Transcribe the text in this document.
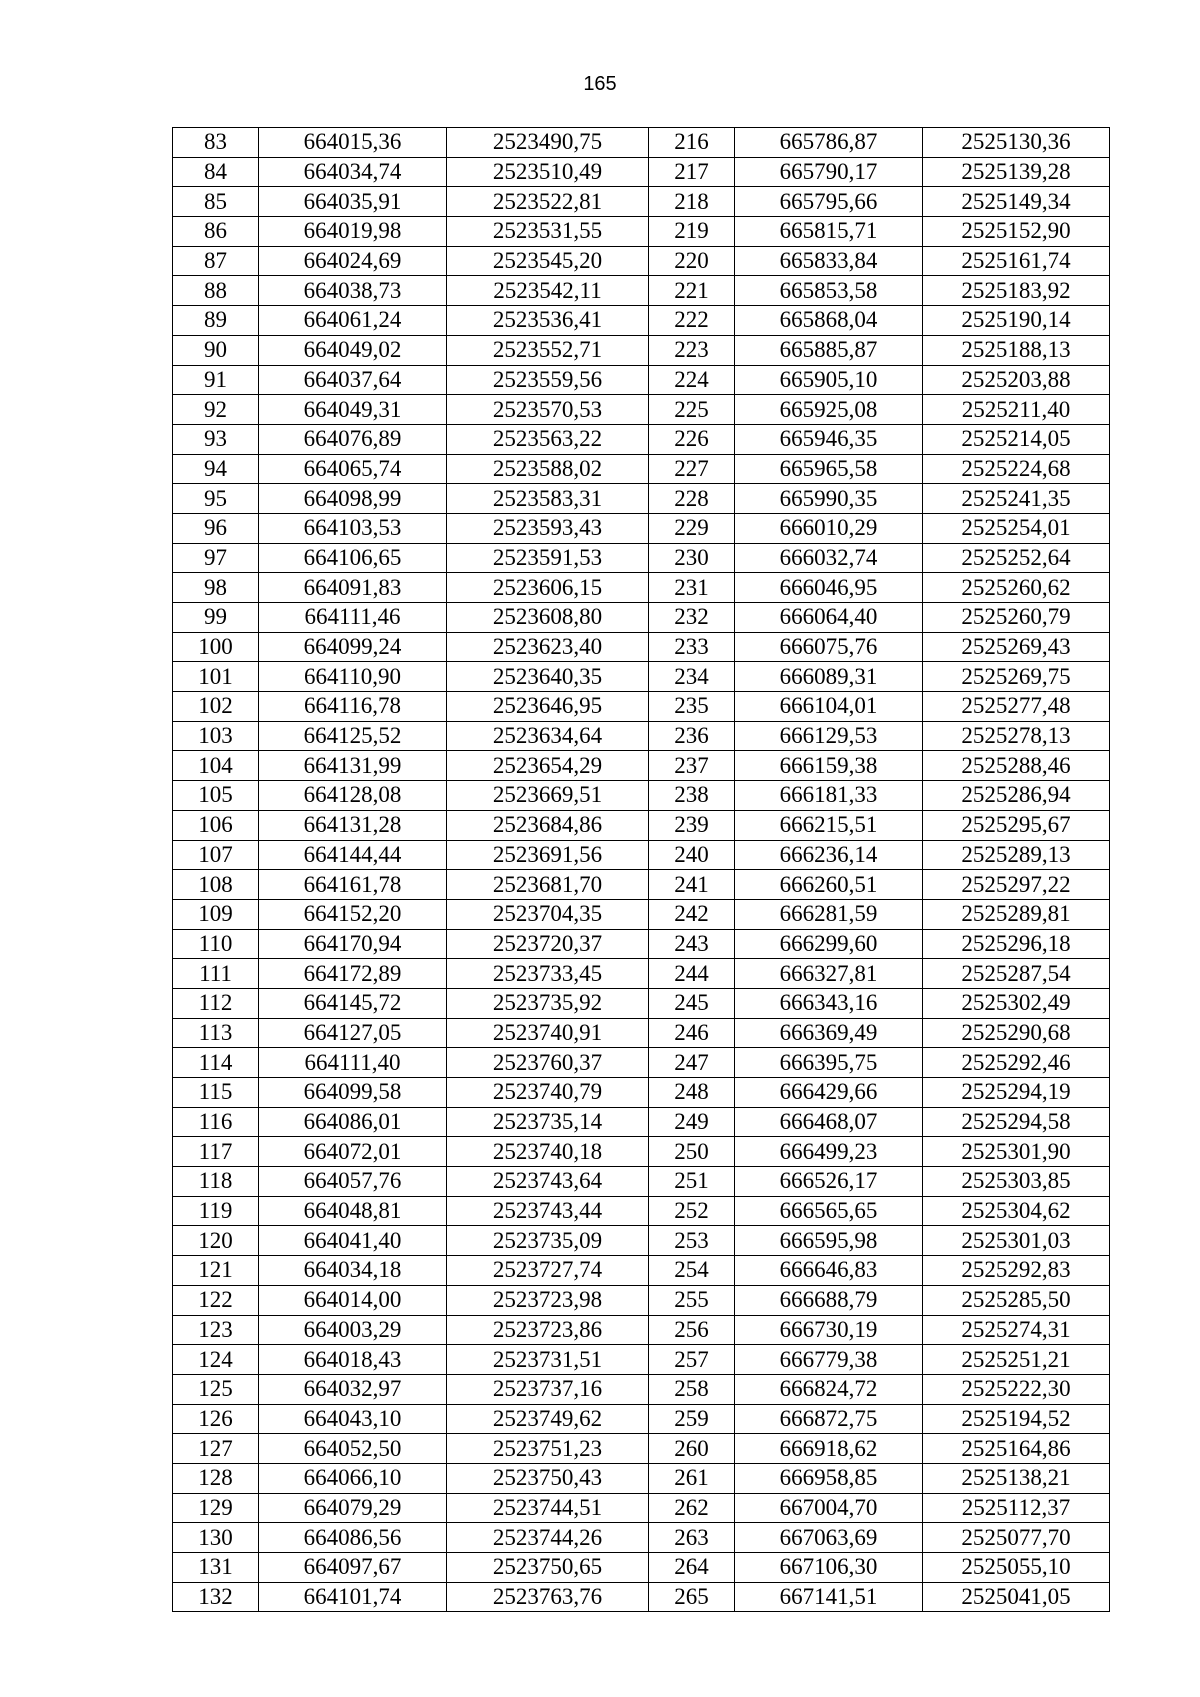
165
83	664015,36	2523490,75	216	665786,87	2525130,36
84	664034,74	2523510,49	217	665790,17	2525139,28
85	664035,91	2523522,81	218	665795,66	2525149,34
86	664019,98	2523531,55	219	665815,71	2525152,90
87	664024,69	2523545,20	220	665833,84	2525161,74
88	664038,73	2523542,11	221	665853,58	2525183,92
89	664061,24	2523536,41	222	665868,04	2525190,14
90	664049,02	2523552,71	223	665885,87	2525188,13
91	664037,64	2523559,56	224	665905,10	2525203,88
92	664049,31	2523570,53	225	665925,08	2525211,40
93	664076,89	2523563,22	226	665946,35	2525214,05
94	664065,74	2523588,02	227	665965,58	2525224,68
95	664098,99	2523583,31	228	665990,35	2525241,35
96	664103,53	2523593,43	229	666010,29	2525254,01
97	664106,65	2523591,53	230	666032,74	2525252,64
98	664091,83	2523606,15	231	666046,95	2525260,62
99	664111,46	2523608,80	232	666064,40	2525260,79
100	664099,24	2523623,40	233	666075,76	2525269,43
101	664110,90	2523640,35	234	666089,31	2525269,75
102	664116,78	2523646,95	235	666104,01	2525277,48
103	664125,52	2523634,64	236	666129,53	2525278,13
104	664131,99	2523654,29	237	666159,38	2525288,46
105	664128,08	2523669,51	238	666181,33	2525286,94
106	664131,28	2523684,86	239	666215,51	2525295,67
107	664144,44	2523691,56	240	666236,14	2525289,13
108	664161,78	2523681,70	241	666260,51	2525297,22
109	664152,20	2523704,35	242	666281,59	2525289,81
110	664170,94	2523720,37	243	666299,60	2525296,18
111	664172,89	2523733,45	244	666327,81	2525287,54
112	664145,72	2523735,92	245	666343,16	2525302,49
113	664127,05	2523740,91	246	666369,49	2525290,68
114	664111,40	2523760,37	247	666395,75	2525292,46
115	664099,58	2523740,79	248	666429,66	2525294,19
116	664086,01	2523735,14	249	666468,07	2525294,58
117	664072,01	2523740,18	250	666499,23	2525301,90
118	664057,76	2523743,64	251	666526,17	2525303,85
119	664048,81	2523743,44	252	666565,65	2525304,62
120	664041,40	2523735,09	253	666595,98	2525301,03
121	664034,18	2523727,74	254	666646,83	2525292,83
122	664014,00	2523723,98	255	666688,79	2525285,50
123	664003,29	2523723,86	256	666730,19	2525274,31
124	664018,43	2523731,51	257	666779,38	2525251,21
125	664032,97	2523737,16	258	666824,72	2525222,30
126	664043,10	2523749,62	259	666872,75	2525194,52
127	664052,50	2523751,23	260	666918,62	2525164,86
128	664066,10	2523750,43	261	666958,85	2525138,21
129	664079,29	2523744,51	262	667004,70	2525112,37
130	664086,56	2523744,26	263	667063,69	2525077,70
131	664097,67	2523750,65	264	667106,30	2525055,10
132	664101,74	2523763,76	265	667141,51	2525041,05
